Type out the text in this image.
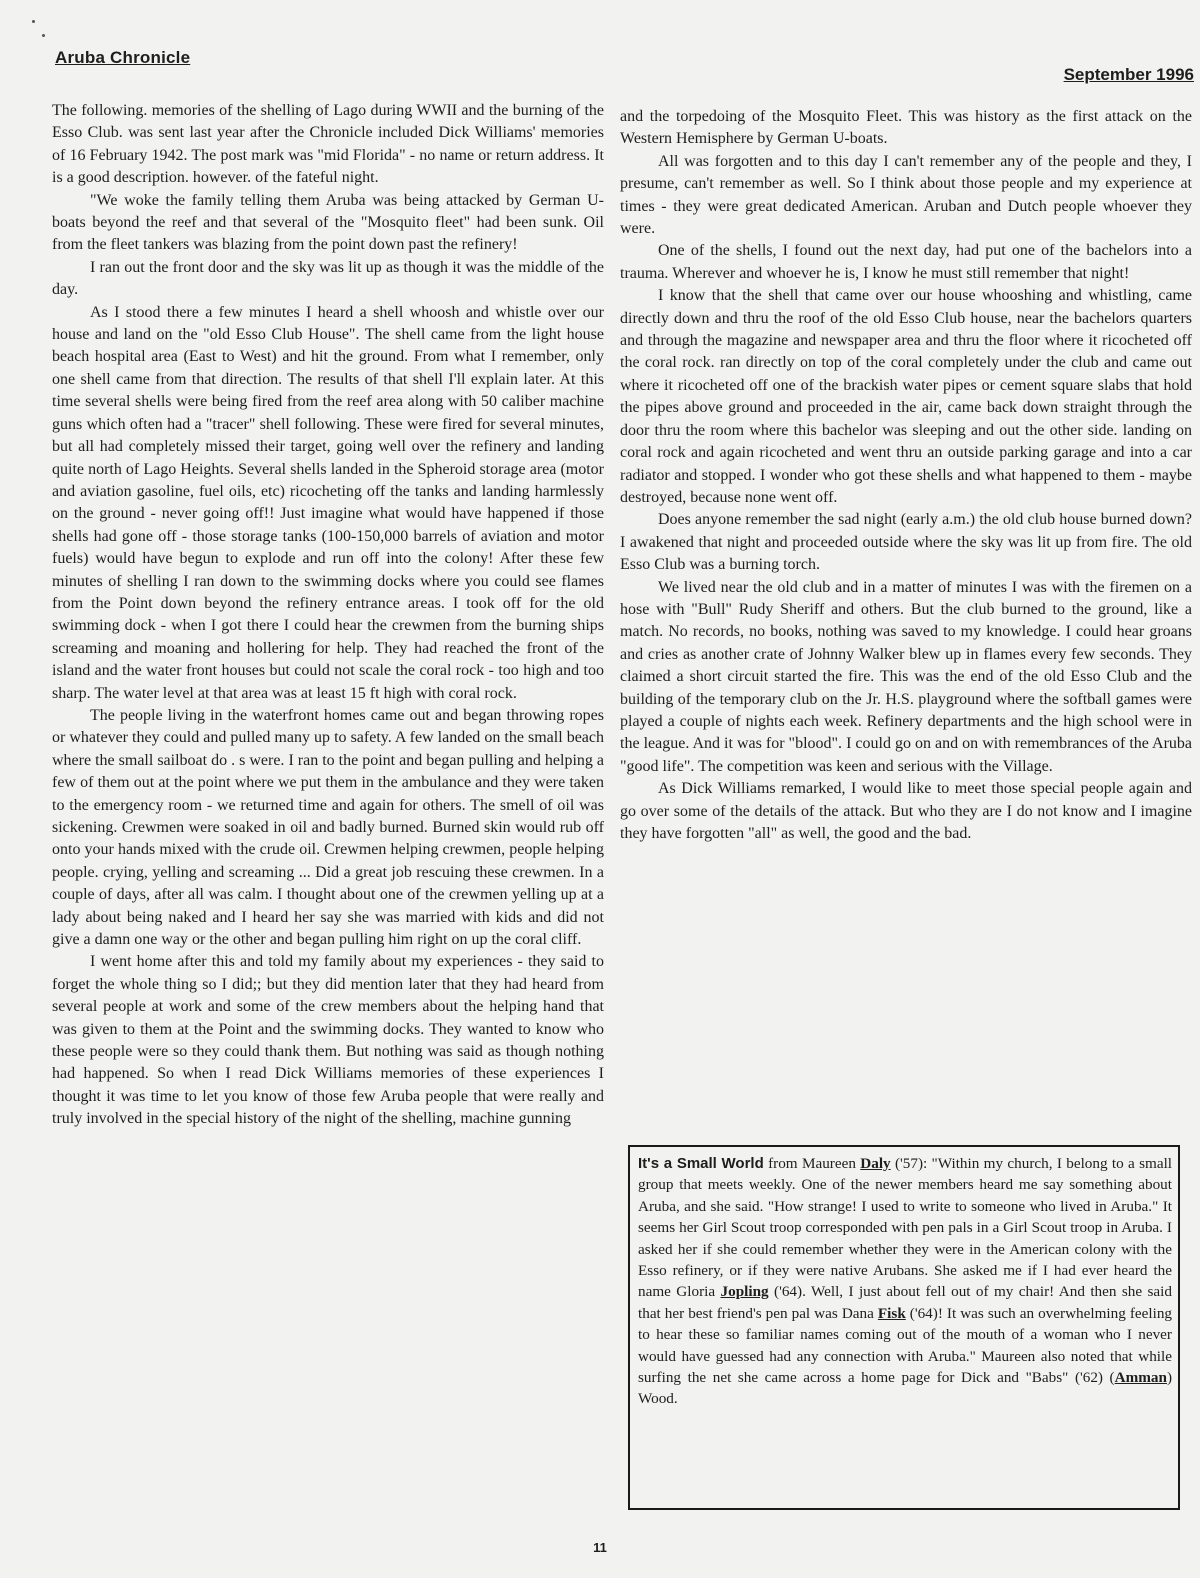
Aruba Chronicle
September 1996

The following. memories of the shelling of Lago during WWII and the burning of the Esso Club. was sent last year after the Chronicle included Dick Williams' memories of 16 February 1942. The post mark was "mid Florida" - no name or return address. It is a good description. however. of the fateful night.

"We woke the family telling them Aruba was being attacked by German U-boats beyond the reef and that several of the "Mosquito fleet" had been sunk. Oil from the fleet tankers was blazing from the point down past the refinery!

I ran out the front door and the sky was lit up as though it was the middle of the day.

As I stood there a few minutes I heard a shell whoosh and whistle over our house and land on the "old Esso Club House". The shell came from the light house beach hospital area (East to West) and hit the ground. From what I remember, only one shell came from that direction. The results of that shell I'll explain later. At this time several shells were being fired from the reef area along with 50 caliber machine guns which often had a "tracer" shell following. These were fired for several minutes, but all had completely missed their target, going well over the refinery and landing quite north of Lago Heights. Several shells landed in the Spheroid storage area (motor and aviation gasoline, fuel oils, etc) ricocheting off the tanks and landing harmlessly on the ground - never going off!! Just imagine what would have happened if those shells had gone off - those storage tanks (100-150,000 barrels of aviation and motor fuels) would have begun to explode and run off into the colony! After these few minutes of shelling I ran down to the swimming docks where you could see flames from the Point down beyond the refinery entrance areas. I took off for the old swimming dock - when I got there I could hear the crewmen from the burning ships screaming and moaning and hollering for help. They had reached the front of the island and the water front houses but could not scale the coral rock - too high and too sharp. The water level at that area was at least 15 ft high with coral rock.

The people living in the waterfront homes came out and began throwing ropes or whatever they could and pulled many up to safety. A few landed on the small beach where the small sailboat do . s were. I ran to the point and began pulling and helping a few of them out at the point where we put them in the ambulance and they were taken to the emergency room - we returned time and again for others. The smell of oil was sickening. Crewmen were soaked in oil and badly burned. Burned skin would rub off onto your hands mixed with the crude oil. Crewmen helping crewmen, people helping people. crying, yelling and screaming ... Did a great job rescuing these crewmen. In a couple of days, after all was calm. I thought about one of the crewmen yelling up at a lady about being naked and I heard her say she was married with kids and did not give a damn one way or the other and began pulling him right on up the coral cliff.

I went home after this and told my family about my experiences - they said to forget the whole thing so I did;; but they did mention later that they had heard from several people at work and some of the crew members about the helping hand that was given to them at the Point and the swimming docks. They wanted to know who these people were so they could thank them. But nothing was said as though nothing had happened. So when I read Dick Williams memories of these experiences I thought it was time to let you know of those few Aruba people that were really and truly involved in the special history of the night of the shelling, machine gunning

and the torpedoing of the Mosquito Fleet. This was history as the first attack on the Western Hemisphere by German U-boats.

All was forgotten and to this day I can't remember any of the people and they, I presume, can't remember as well. So I think about those people and my experience at times - they were great dedicated American. Aruban and Dutch people whoever they were.

One of the shells, I found out the next day, had put one of the bachelors into a trauma. Wherever and whoever he is, I know he must still remember that night!

I know that the shell that came over our house whooshing and whistling, came directly down and thru the roof of the old Esso Club house, near the bachelors quarters and through the magazine and newspaper area and thru the floor where it ricocheted off the coral rock. ran directly on top of the coral completely under the club and came out where it ricocheted off one of the brackish water pipes or cement square slabs that hold the pipes above ground and proceeded in the air, came back down straight through the door thru the room where this bachelor was sleeping and out the other side. landing on coral rock and again ricocheted and went thru an outside parking garage and into a car radiator and stopped. I wonder who got these shells and what happened to them - maybe destroyed, because none went off.

Does anyone remember the sad night (early a.m.) the old club house burned down? I awakened that night and proceeded outside where the sky was lit up from fire. The old Esso Club was a burning torch.

We lived near the old club and in a matter of minutes I was with the firemen on a hose with "Bull" Rudy Sheriff and others. But the club burned to the ground, like a match. No records, no books, nothing was saved to my knowledge. I could hear groans and cries as another crate of Johnny Walker blew up in flames every few seconds. They claimed a short circuit started the fire. This was the end of the old Esso Club and the building of the temporary club on the Jr. H.S. playground where the softball games were played a couple of nights each week. Refinery departments and the high school were in the league. And it was for "blood". I could go on and on with remembrances of the Aruba "good life". The competition was keen and serious with the Village.

As Dick Williams remarked, I would like to meet those special people again and go over some of the details of the attack. But who they are I do not know and I imagine they have forgotten "all" as well, the good and the bad.

It's a Small World from Maureen Daly ('57): "Within my church, I belong to a small group that meets weekly. One of the newer members heard me say something about Aruba, and she said. "How strange! I used to write to someone who lived in Aruba." It seems her Girl Scout troop corresponded with pen pals in a Girl Scout troop in Aruba. I asked her if she could remember whether they were in the American colony with the Esso refinery, or if they were native Arubans. She asked me if I had ever heard the name Gloria Jopling ('64). Well, I just about fell out of my chair! And then she said that her best friend's pen pal was Dana Fisk ('64)! It was such an overwhelming feeling to hear these so familiar names coming out of the mouth of a woman who I never would have guessed had any connection with Aruba." Maureen also noted that while surfing the net she came across a home page for Dick and "Babs" ('62) (Amman) Wood.
11
